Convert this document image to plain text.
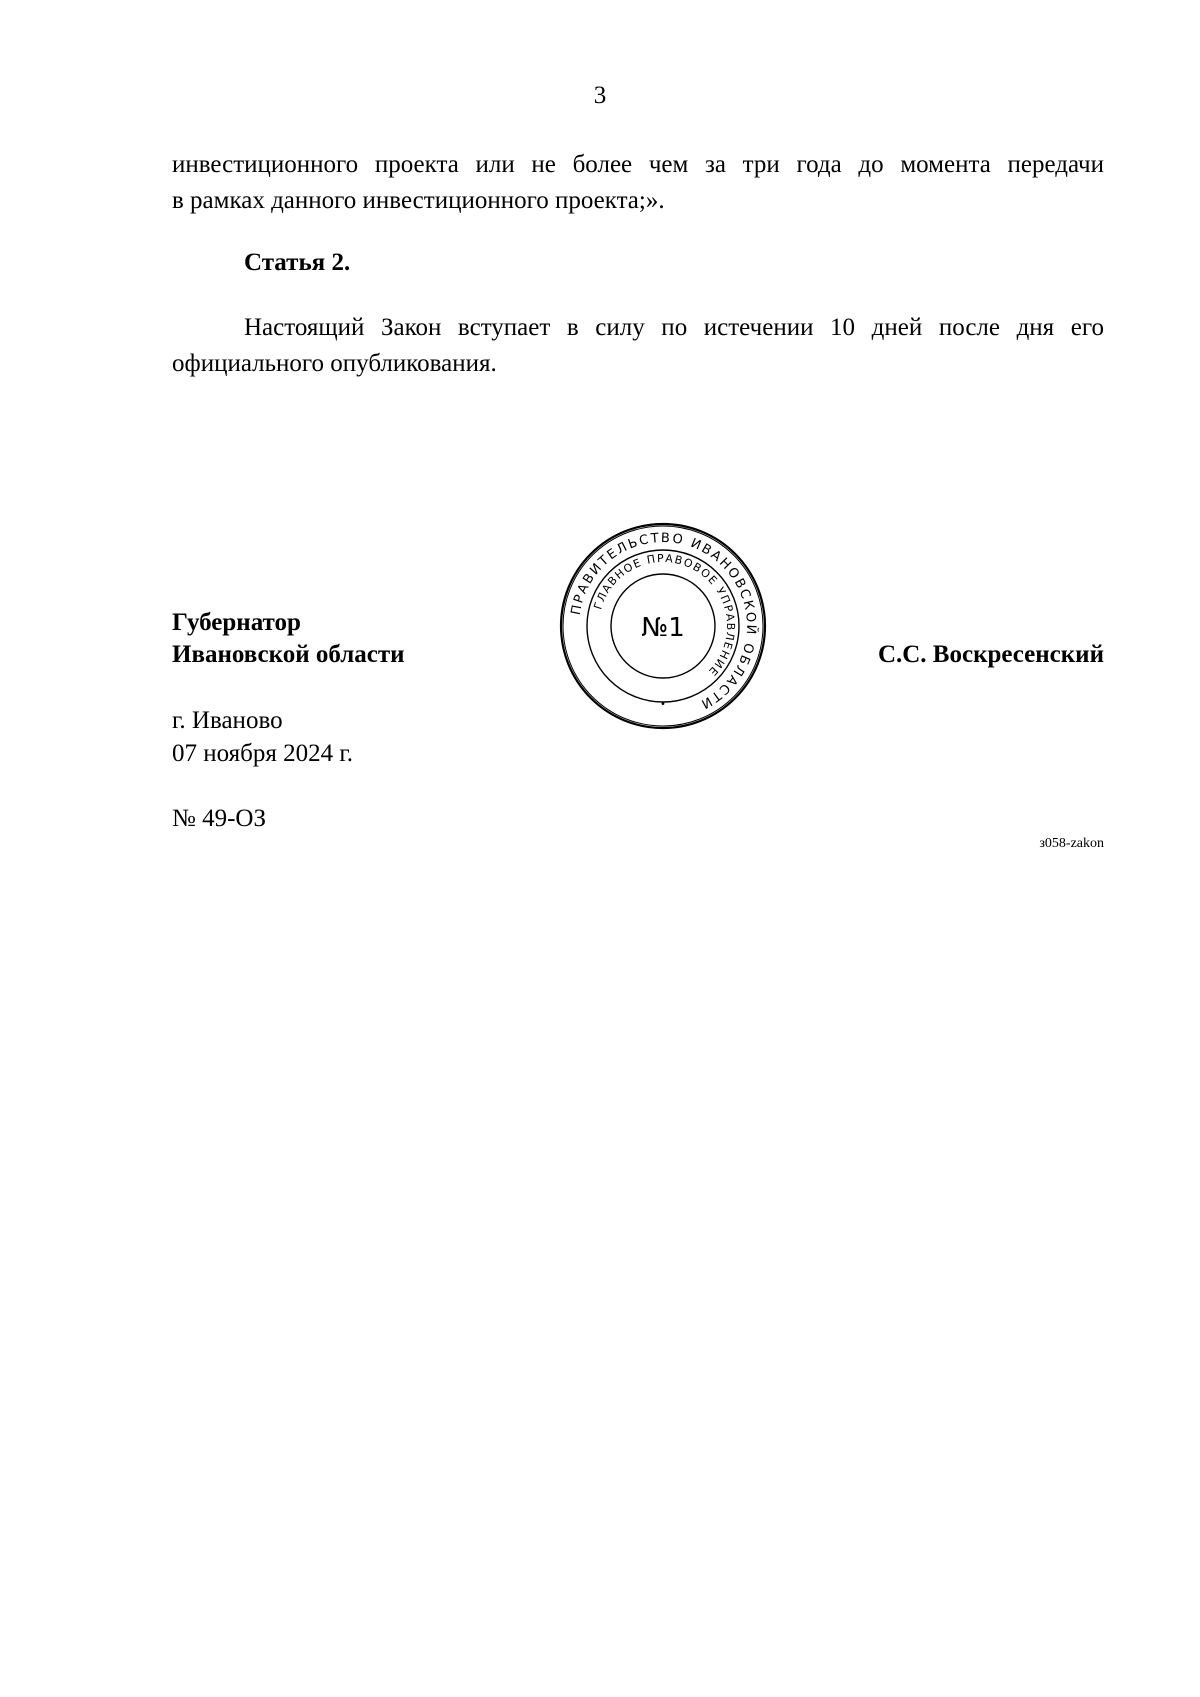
3
инвестиционного проекта или не более чем за три года до момента передачи
в рамках данного инвестиционного проекта;».
Статья 2.
Настоящий Закон вступает в силу по истечении 10 дней после дня его
официального опубликования.
Губернатор
Ивановской области	С.С. Воскресенский
ПРАВИТЕЛЬСТВО ИВАНОВСКОЙ ОБЛАСТИ
ГЛАВНОЕ ПРАВОВОЕ УПРАВЛЕНИЕ
№1
•
г. Иваново
07 ноября 2024 г.
№ 49-ОЗ
з058-zakon
